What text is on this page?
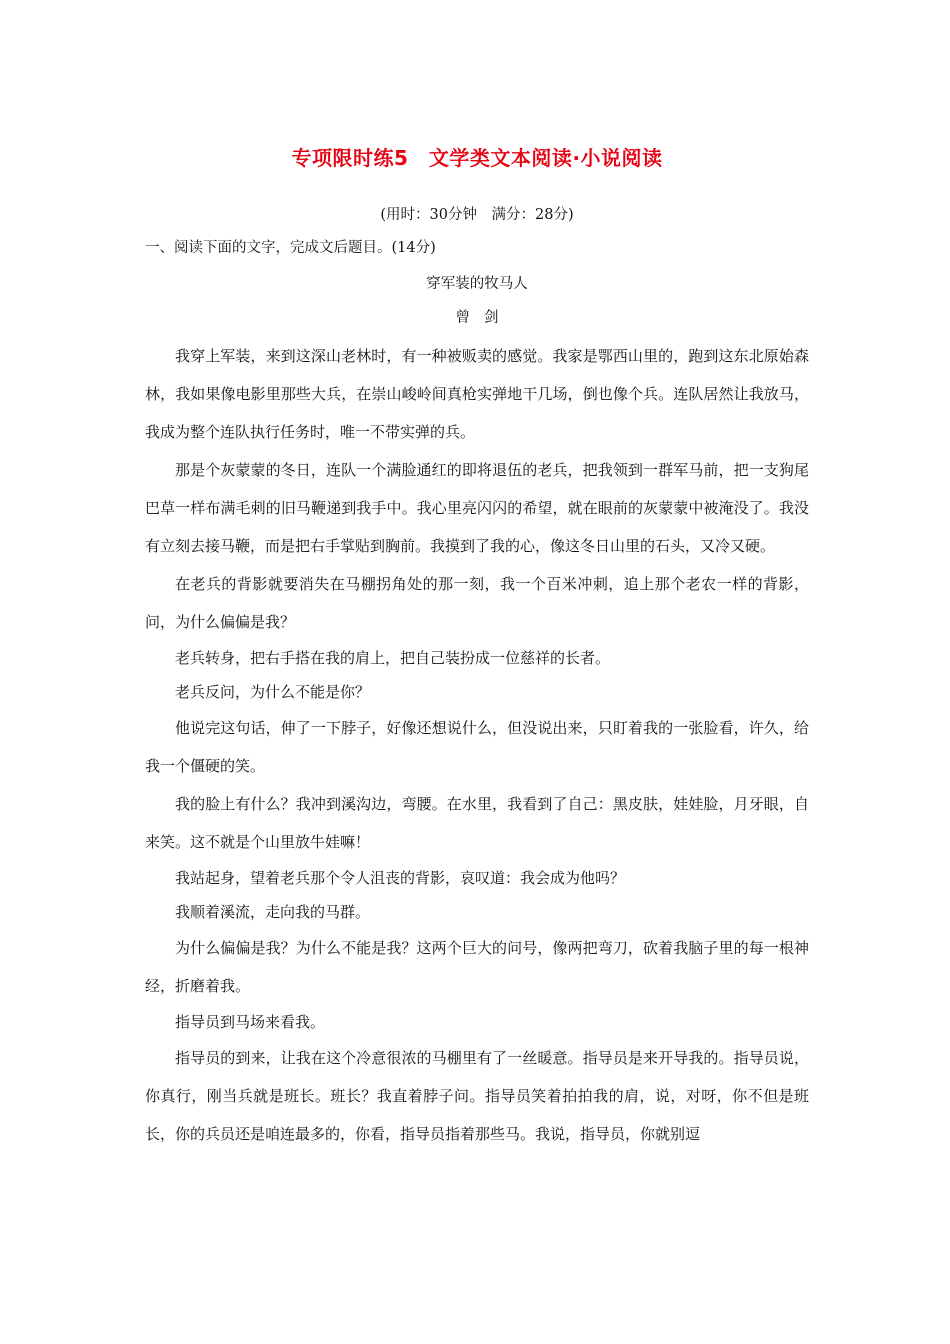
专项限时练5　文学类文本阅读·小说阅读
(用时：30分钟　满分：28分)
一、阅读下面的文字，完成文后题目。(14分)
穿军装的牧马人
曾剑

我穿上军装，来到这深山老林时，有一种被贩卖的感觉。我家是鄂西山里的，跑到这东北原始森林，我如果像电影里那些大兵，在崇山峻岭间真枪实弹地干几场，倒也像个兵。连队居然让我放马，我成为整个连队执行任务时，唯一不带实弹的兵。

那是个灰蒙蒙的冬日，连队一个满脸通红的即将退伍的老兵，把我领到一群军马前，把一支狗尾巴草一样布满毛刺的旧马鞭递到我手中。我心里亮闪闪的希望，就在眼前的灰蒙蒙中被淹没了。我没有立刻去接马鞭，而是把右手掌贴到胸前。我摸到了我的心，像这冬日山里的石头，又冷又硬。

在老兵的背影就要消失在马棚拐角处的那一刻，我一个百米冲刺，追上那个老农一样的背影，问，为什么偏偏是我？

老兵转身，把右手搭在我的肩上，把自己装扮成一位慈祥的长者。

老兵反问，为什么不能是你？

他说完这句话，伸了一下脖子，好像还想说什么，但没说出来，只盯着我的一张脸看，许久，给我一个僵硬的笑。

我的脸上有什么？我冲到溪沟边，弯腰。在水里，我看到了自己：黑皮肤，娃娃脸，月牙眼，自来笑。这不就是个山里放牛娃嘛！

我站起身，望着老兵那个令人沮丧的背影，哀叹道：我会成为他吗？

我顺着溪流，走向我的马群。

为什么偏偏是我？为什么不能是我？这两个巨大的问号，像两把弯刀，砍着我脑子里的每一根神经，折磨着我。

指导员到马场来看我。

指导员的到来，让我在这个冷意很浓的马棚里有了一丝暖意。指导员是来开导我的。指导员说，你真行，刚当兵就是班长。班长？我直着脖子问。指导员笑着拍拍我的肩，说，对呀，你不但是班长，你的兵员还是咱连最多的，你看，指导员指着那些马。我说，指导员，你就别逗
